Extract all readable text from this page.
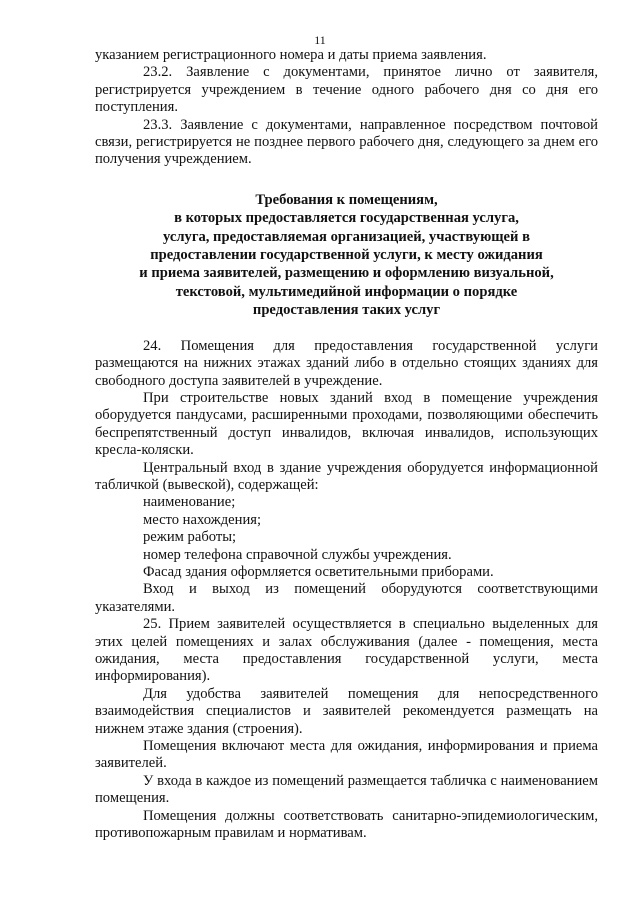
11

указанием регистрационного номера и даты приема заявления.

23.2. Заявление с документами, принятое лично от заявителя, регистрируется учреждением в течение одного рабочего дня со дня его поступления.

23.3. Заявление с документами, направленное посредством почтовой связи, регистрируется не позднее первого рабочего дня, следующего за днем его получения учреждением.

Требования к помещениям,
в которых предоставляется государственная услуга,
услуга, предоставляемая организацией, участвующей в
предоставлении государственной услуги, к месту ожидания
и приема заявителей, размещению и оформлению визуальной,
текстовой, мультимедийной информации о порядке
предоставления таких услуг

24. Помещения для предоставления государственной услуги размещаются на нижних этажах зданий либо в отдельно стоящих зданиях для свободного доступа заявителей в учреждение.

При строительстве новых зданий вход в помещение учреждения оборудуется пандусами, расширенными проходами, позволяющими обеспечить беспрепятственный доступ инвалидов, включая инвалидов, использующих кресла-коляски.

Центральный вход в здание учреждения оборудуется информационной табличкой (вывеской), содержащей:

наименование;

место нахождения;

режим работы;

номер телефона справочной службы учреждения.

Фасад здания оформляется осветительными приборами.

Вход и выход из помещений оборудуются соответствующими указателями.

25. Прием заявителей осуществляется в специально выделенных для этих целей помещениях и залах обслуживания (далее - помещения, места ожидания, места предоставления государственной услуги, места информирования).

Для удобства заявителей помещения для непосредственного взаимодействия специалистов и заявителей рекомендуется размещать на нижнем этаже здания (строения).

Помещения включают места для ожидания, информирования и приема заявителей.

У входа в каждое из помещений размещается табличка с наименованием помещения.

Помещения должны соответствовать санитарно-эпидемиологическим, противопожарным правилам и нормативам.
